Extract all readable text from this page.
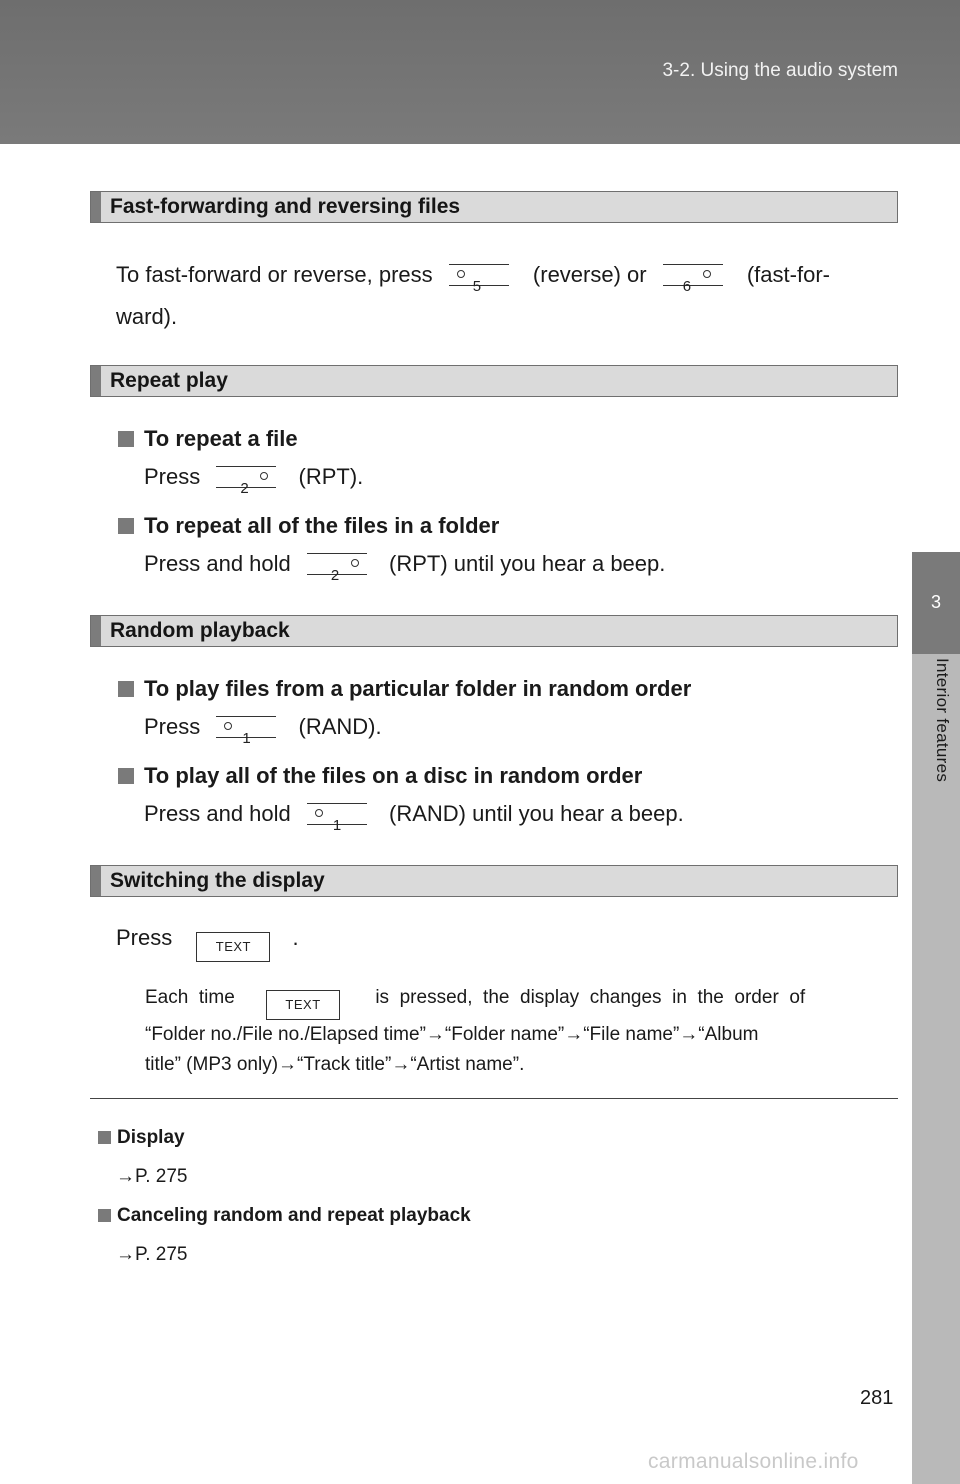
3-2. Using the audio system
3
Interior features
Fast-forwarding and reversing files
To fast-forward or reverse, press	5 (reverse) or 6	(fast-for-
ward).
Repeat play
To repeat a file
Press	2 (RPT).
To repeat all of the files in a folder
Press and hold	2 (RPT) until you hear a beep.
Random playback
To play files from a particular folder in random order
Press	1 (RAND).
To play all of the files on a disc in random order
Press and hold	1 (RAND) until you hear a beep.
Switching the display
Press	TEXT .
Each  time	TEXT	is  pressed,  the  display  changes  in  the  order  of
“Folder no./File no./Elapsed time”→“Folder name”→“File name”→“Album
title” (MP3 only)→“Track title”→“Artist name”.
Display
→P. 275
Canceling random and repeat playback
→P. 275
281
carmanualsonline.info
